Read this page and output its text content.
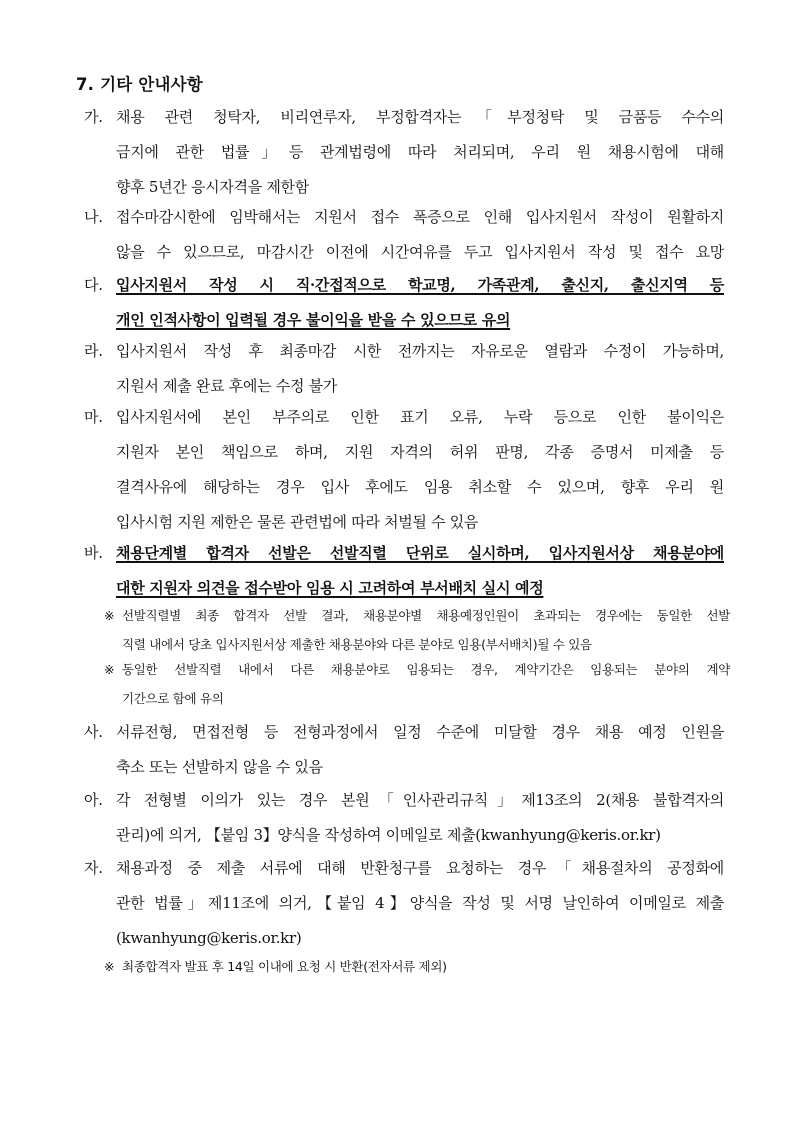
7. 기타 안내사항
가. 채용 관련 청탁자, 비리연루자, 부정합격자는「부정청탁 및 금품등 수수의
금지에 관한 법률」등 관계법령에 따라 처리되며, 우리 원 채용시험에 대해
향후 5년간 응시자격을 제한함
나. 접수마감시한에 임박해서는 지원서 접수 폭증으로 인해 입사지원서 작성이 원활하지
않을 수 있으므로, 마감시간 이전에 시간여유를 두고 입사지원서 작성 및 접수 요망
다. 입사지원서 작성 시 직·간접적으로 학교명, 가족관계, 출신지, 출신지역 등
개인 인적사항이 입력될 경우 불이익을 받을 수 있으므로 유의
라. 입사지원서 작성 후 최종마감 시한 전까지는 자유로운 열람과 수정이 가능하며,
지원서 제출 완료 후에는 수정 불가
마. 입사지원서에 본인 부주의로 인한 표기 오류, 누락 등으로 인한 불이익은
지원자 본인 책임으로 하며, 지원 자격의 허위 판명, 각종 증명서 미제출 등
결격사유에 해당하는 경우 입사 후에도 임용 취소할 수 있으며, 향후 우리 원
입사시험 지원 제한은 물론 관련법에 따라 처벌될 수 있음
바. 채용단계별 합격자 선발은 선발직렬 단위로 실시하며, 입사지원서상 채용분야에
대한 지원자 의견을 접수받아 임용 시 고려하여 부서배치 실시 예정
※ 선발직렬별 최종 합격자 선발 결과, 채용분야별 채용예정인원이 초과되는 경우에는 동일한 선발
직렬 내에서 당초 입사지원서상 제출한 채용분야와 다른 분야로 임용(부서배치)될 수 있음
※ 동일한 선발직렬 내에서 다른 채용분야로 임용되는 경우, 계약기간은 임용되는 분야의 계약
기간으로 함에 유의
사. 서류전형, 면접전형 등 전형과정에서 일정 수준에 미달할 경우 채용 예정 인원을
축소 또는 선발하지 않을 수 있음
아. 각 전형별 이의가 있는 경우 본원「인사관리규칙」제13조의 2(채용 불합격자의
관리)에 의거, 【붙임 3】양식을 작성하여 이메일로 제출(kwanhyung@keris.or.kr)
자. 채용과정 중 제출 서류에 대해 반환청구를 요청하는 경우「채용절차의 공정화에
관한 법률」제11조에 의거,【붙임 4】양식을 작성 및 서명 날인하여 이메일로 제출
(kwanhyung@keris.or.kr)
※ 최종합격자 발표 후 14일 이내에 요청 시 반환(전자서류 제외)
